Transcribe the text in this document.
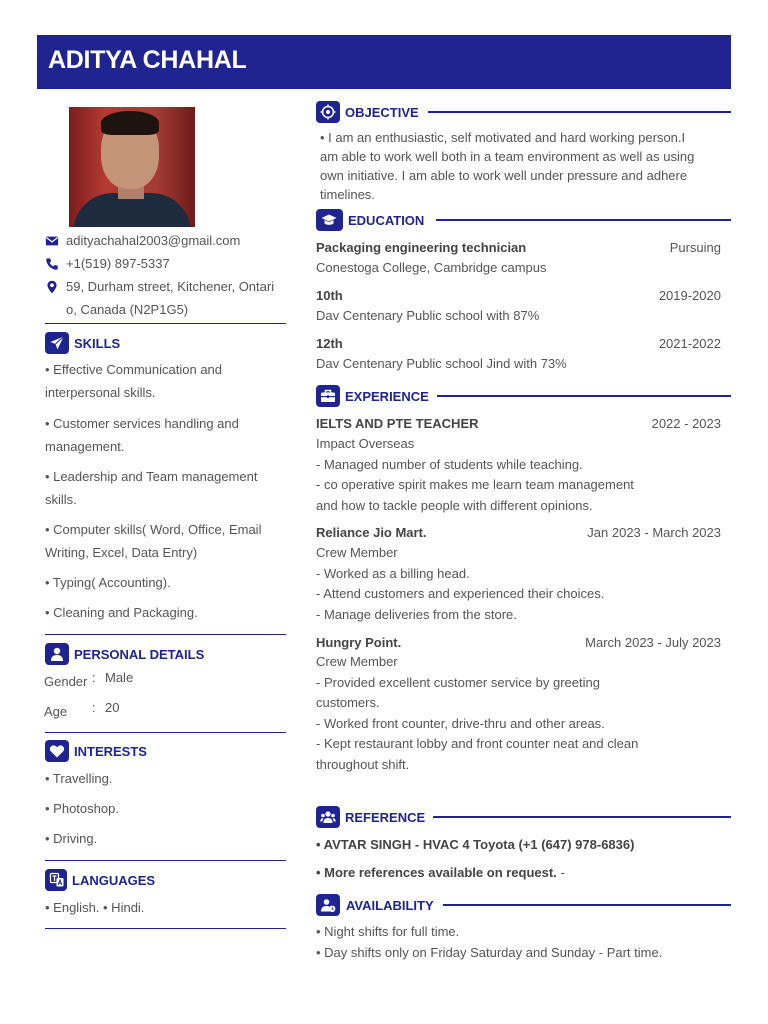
ADITYA CHAHAL
adityachahal2003@gmail.com
+1(519) 897-5337
59, Durham street, Kitchener, Ontari
o, Canada (N2P1G5)
SKILLS
• Effective Communication and
interpersonal skills.
• Customer services handling and
management.
• Leadership and Team management
skills.
• Computer skills( Word, Office, Email
Writing, Excel, Data Entry)
• Typing( Accounting).
• Cleaning and Packaging.
PERSONAL DETAILS
Gender : Male
Age : 20
INTERESTS
• Travelling.
• Photoshop.
• Driving.
LANGUAGES
• English. • Hindi.
OBJECTIVE
• I am an enthusiastic, self motivated and hard working person.I
am able to work well both in a team environment as well as using
own initiative. I am able to work well under pressure and adhere
timelines.
EDUCATION
Packaging engineering technician	Pursuing
Conestoga College, Cambridge campus
10th	2019-2020
Dav Centenary Public school with 87%
12th	2021-2022
Dav Centenary Public school Jind with 73%
EXPERIENCE
IELTS AND PTE TEACHER	2022 - 2023
Impact Overseas
- Managed number of students while teaching.
- co operative spirit makes me learn team management
and how to tackle people with different opinions.
Reliance Jio Mart.	Jan 2023 - March 2023
Crew Member
- Worked as a billing head.
- Attend customers and experienced their choices.
- Manage deliveries from the store.
Hungry Point.	March 2023 - July 2023
Crew Member
- Provided excellent customer service by greeting
customers.
- Worked front counter, drive-thru and other areas.
- Kept restaurant lobby and front counter neat and clean
throughout shift.
REFERENCE
• AVTAR SINGH - HVAC 4 Toyota (+1 (647) 978-6836)
• More references available on request. -
AVAILABILITY
• Night shifts for full time.
• Day shifts only on Friday Saturday and Sunday - Part time.
